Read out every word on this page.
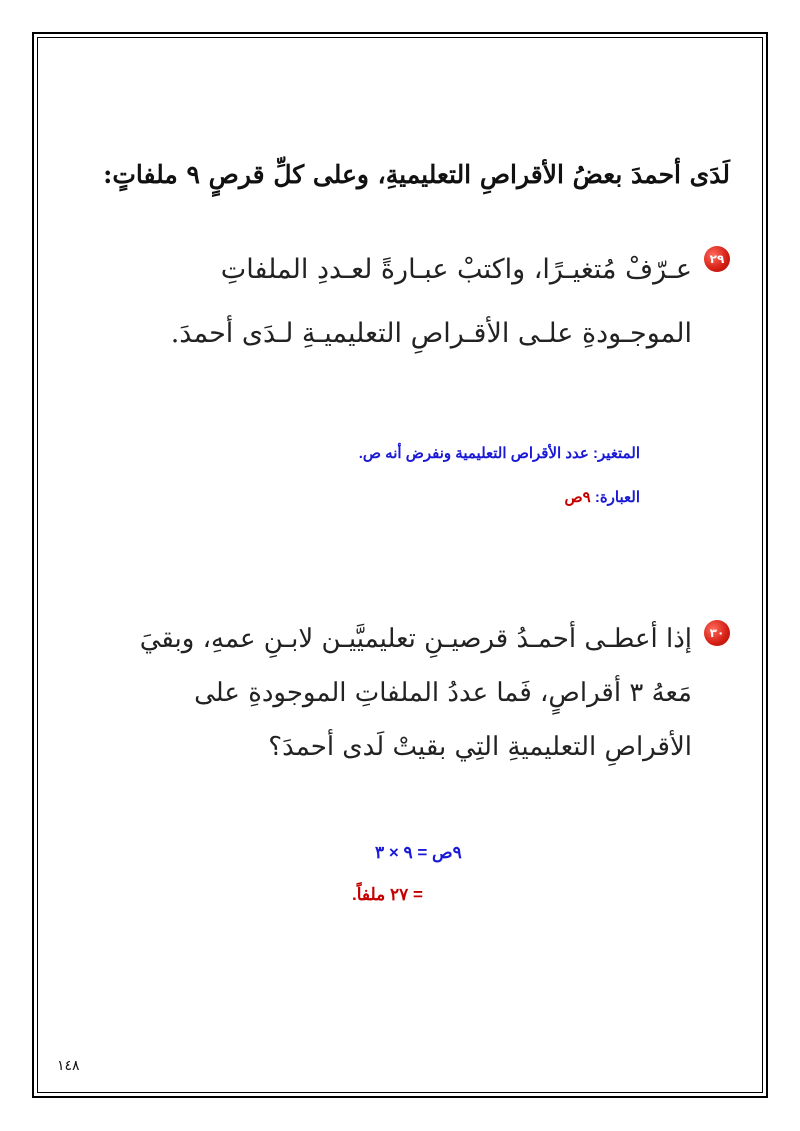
لَدَى أحمدَ بعضُ الأقراصِ التعليميةِ، وعلى كلِّ قرصٍ ٩ ملفاتٍ:
٢٩
عـرّفْ مُتغيـرًا، واكتبْ عبـارةً لعـددِ الملفاتِ الموجـودةِ علـى الأقـراصِ التعليميـةِ لـدَى أحمدَ.
المتغير: عدد الأقراص التعليمية ونفرض أنه ص.
العبارة: ٩ص
٣٠
إذا أعطـى أحمـدُ قرصيـنِ تعليميَّيـن لابـنِ عمهِ، وبقيَ مَعهُ ٣ أقراصٍ، فَما عددُ الملفاتِ الموجودةِ على الأقراصِ التعليميةِ التِي بقيتْ لَدى أحمدَ؟
٩ص = ٩ × ٣
= ٢٧ ملفاً.
١٤٨
